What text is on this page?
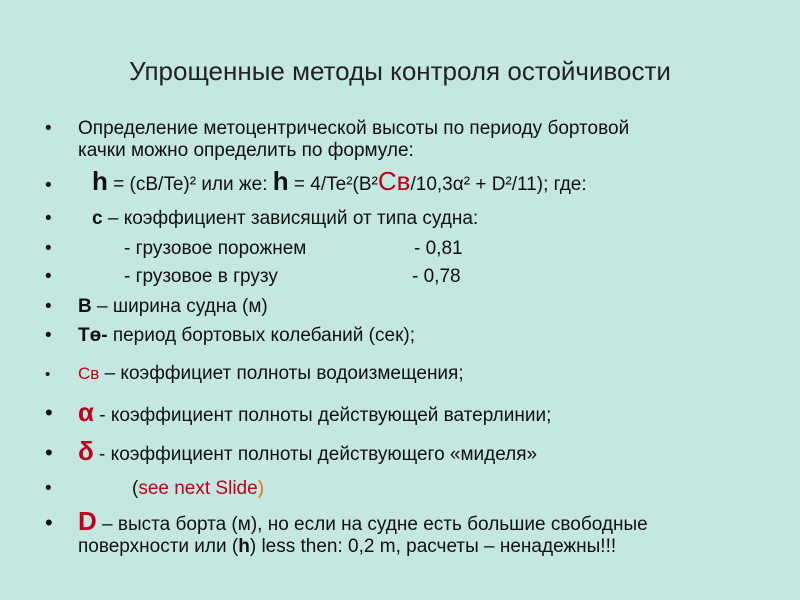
Упрощенные методы контроля остойчивости
• Определение метоцентрической высоты по периоду бортовой
качки можно определить по формуле:
• h = (cB/Te)² или же: h = 4/Te²(B²Cв/10,3α² + D²/11); где:
• с – коэффициент зависящий от типа судна:
•	- грузовое порожнем	- 0,81
•	- грузовое в грузу	- 0,78
• B – ширина судна (м)
• Tө- период бортовых колебаний (сек);
• Св – коэффициет полноты водоизмещения;
• α - коэффициент полноты действующей ватерлинии;
• δ - коэффициент полноты действующего «миделя»
•	(see next Slide)
• D – выста борта (м), но если на судне есть большие свободные
поверхности или (h) less then: 0,2 m, расчеты – ненадежны!!!
